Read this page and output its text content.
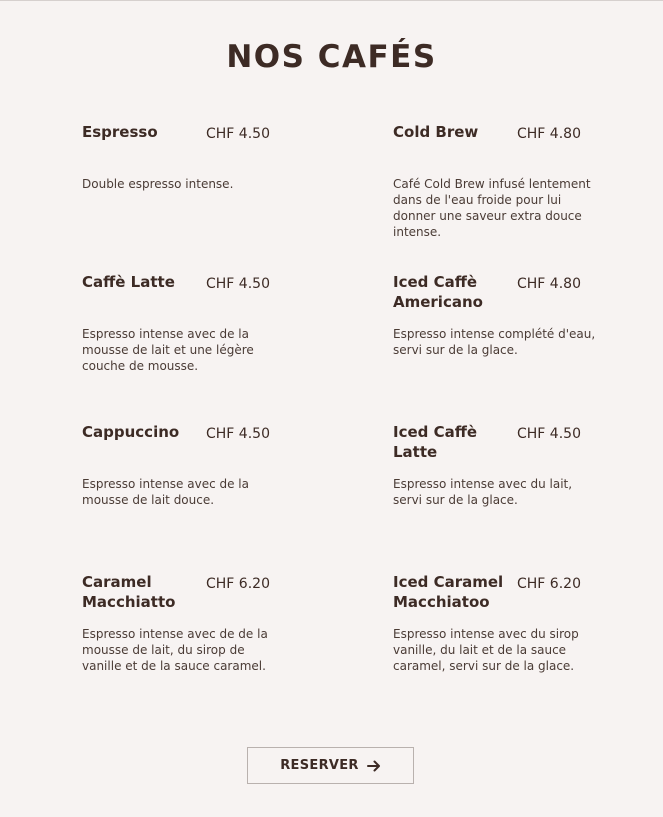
NOS CAFÉS
Espresso	CHF 4.50
Double espresso intense.
Cold Brew	CHF 4.80
Café Cold Brew infusé lentement dans de l'eau froide pour lui donner une saveur extra douce intense.
Caffè Latte	CHF 4.50
Espresso intense avec de la mousse de lait et une légère couche de mousse.
Iced Caffè Americano
CHF 4.80
Espresso intense complété d'eau, servi sur de la glace.
Cappuccino	CHF 4.50
Espresso intense avec de la mousse de lait douce.
Iced Caffè Latte
CHF 4.50
Espresso intense avec du lait, servi sur de la glace.
Caramel Macchiatto
CHF 6.20
Espresso intense avec de de la mousse de lait, du sirop de vanille et de la sauce caramel.
Iced Caramel Macchiatoo
CHF 6.20
Espresso intense avec du sirop vanille, du lait et de la sauce caramel, servi sur de la glace.
RESERVER
